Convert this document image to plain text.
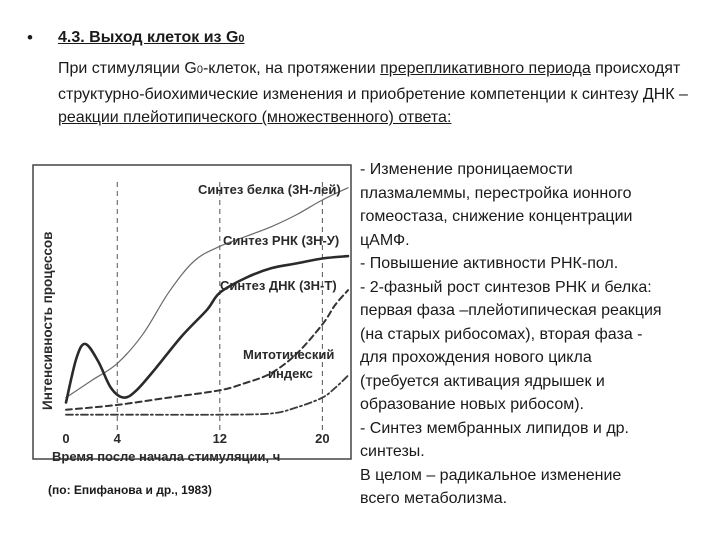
• 4.3. Выход клеток из G0
При стимуляции G0-клеток, на протяжении пререпликативного периода происходят структурно-биохимические изменения и приобретение компетенции к синтезу ДНК – реакции плейотипического (множественного) ответа:
0	4	12	20
Интенсивность процессов
Время после начала стимуляции, ч
Синтез белка (3Н-лей)
Синтез РНК (3Н-У)
Синтез ДНК (3Н-Т)
Митотический
индекс
(по: Епифанова и др., 1983)

- Изменение проницаемости

плазмалеммы, перестройка ионного

гомеостаза, снижение концентрации

цАМФ.

- Повышение активности РНК-пол.

- 2-фазный рост синтезов РНК и белка:

первая фаза –плейотипическая реакция

(на старых рибосомах), вторая фаза -

для прохождения нового цикла

(требуется активация ядрышек и

образование новых рибосом).

- Синтез мембранных липидов и др.

синтезы.

В целом – радикальное изменение

всего метаболизма.
